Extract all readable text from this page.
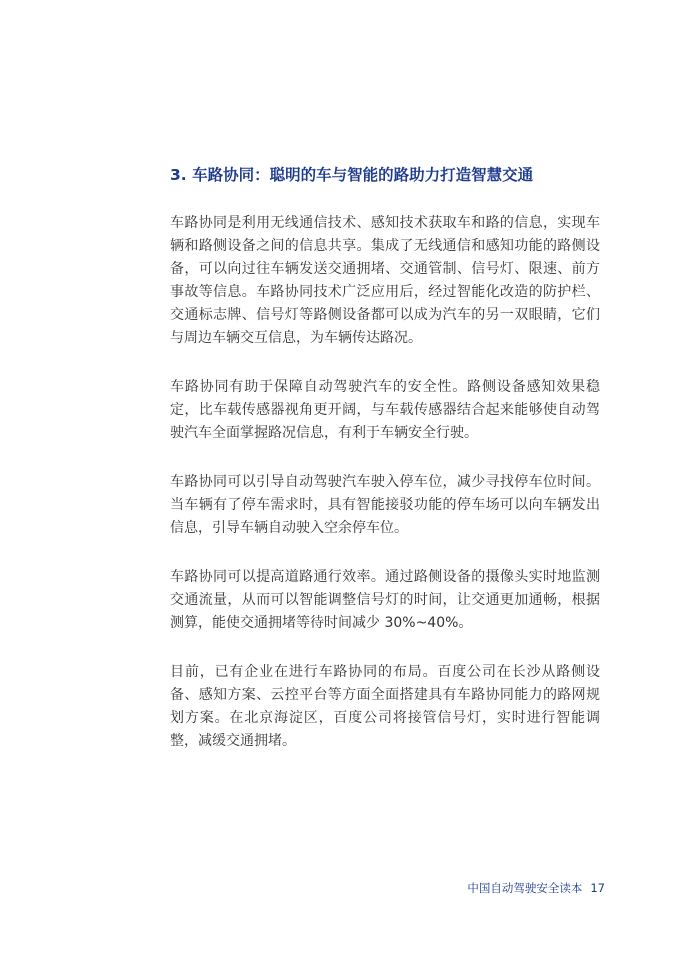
3. 车路协同：聪明的车与智能的路助力打造智慧交通

车路协同是利用无线通信技术、感知技术获取车和路的信息，实现车辆和路侧设备之间的信息共享。集成了无线通信和感知功能的路侧设备，可以向过往车辆发送交通拥堵、交通管制、信号灯、限速、前方事故等信息。车路协同技术广泛应用后，经过智能化改造的防护栏、交通标志牌、信号灯等路侧设备都可以成为汽车的另一双眼睛，它们与周边车辆交互信息，为车辆传达路况。

车路协同有助于保障自动驾驶汽车的安全性。路侧设备感知效果稳定，比车载传感器视角更开阔，与车载传感器结合起来能够使自动驾驶汽车全面掌握路况信息，有利于车辆安全行驶。

车路协同可以引导自动驾驶汽车驶入停车位，减少寻找停车位时间。当车辆有了停车需求时，具有智能接驳功能的停车场可以向车辆发出信息，引导车辆自动驶入空余停车位。

车路协同可以提高道路通行效率。通过路侧设备的摄像头实时地监测交通流量，从而可以智能调整信号灯的时间，让交通更加通畅，根据测算，能使交通拥堵等待时间减少 30%~40%。

目前，已有企业在进行车路协同的布局。百度公司在长沙从路侧设备、感知方案、云控平台等方面全面搭建具有车路协同能力的路网规划方案。在北京海淀区，百度公司将接管信号灯，实时进行智能调整，减缓交通拥堵。

中国自动驾驶安全读本 17
